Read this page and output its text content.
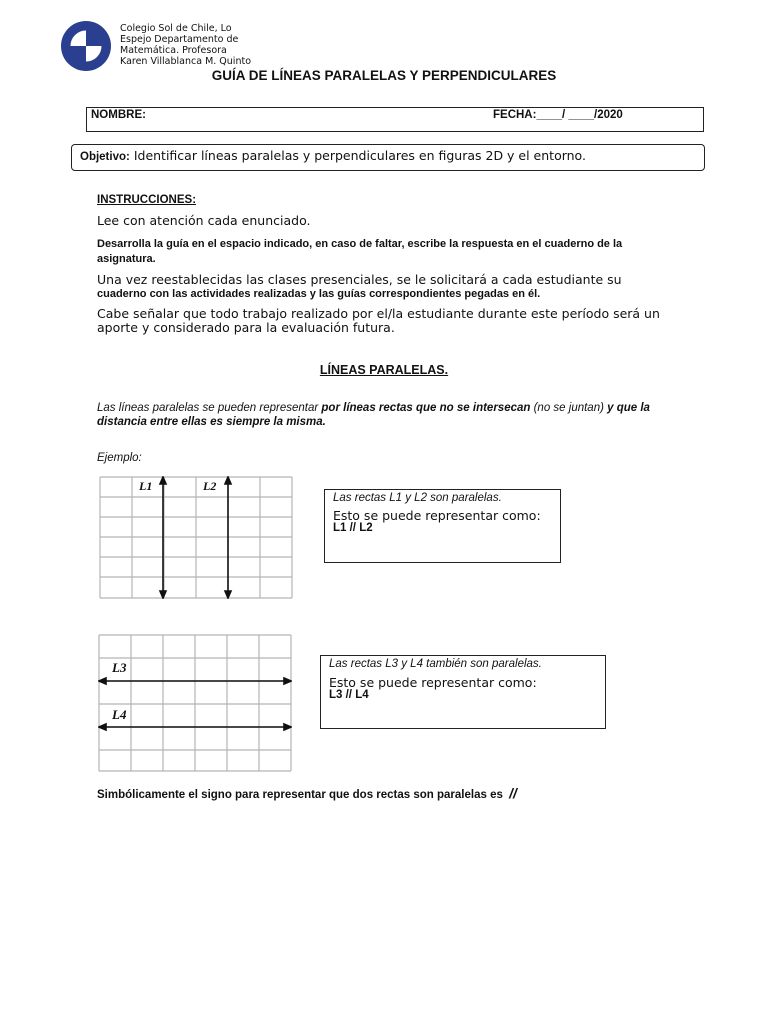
Colegio Sol de Chile, Lo
Espejo Departamento de
Matemática. Profesora
Karen Villablanca M. Quinto
GUÍA DE LÍNEAS PARALELAS Y PERPENDICULARES
NOMBRE:	FECHA:____/ ____/2020
Objetivo: Identificar líneas paralelas y perpendiculares en figuras 2D y el entorno.
INSTRUCCIONES:
Lee con atención cada enunciado.
Desarrolla la guía en el espacio indicado, en caso de faltar, escribe la respuesta en el cuaderno de la asignatura.
Una vez reestablecidas las clases presenciales, se le solicitará a cada estudiante su
cuaderno con las actividades realizadas y las guías correspondientes pegadas en él.
Cabe señalar que todo trabajo realizado por el/la estudiante durante este período será un aporte y considerado para la evaluación futura.
LÍNEAS PARALELAS.
Las líneas paralelas se pueden representar por líneas rectas que no se intersecan (no se juntan) y que la distancia entre ellas es siempre la misma.
Ejemplo:
L1	L2
Las rectas L1 y L2 son paralelas.
Esto se puede representar como:
L1 // L2
L3
L4
Las rectas L3 y L4 también son paralelas.
Esto se puede representar como:
L3 // L4
Simbólicamente el signo para representar que dos rectas son paralelas es //
